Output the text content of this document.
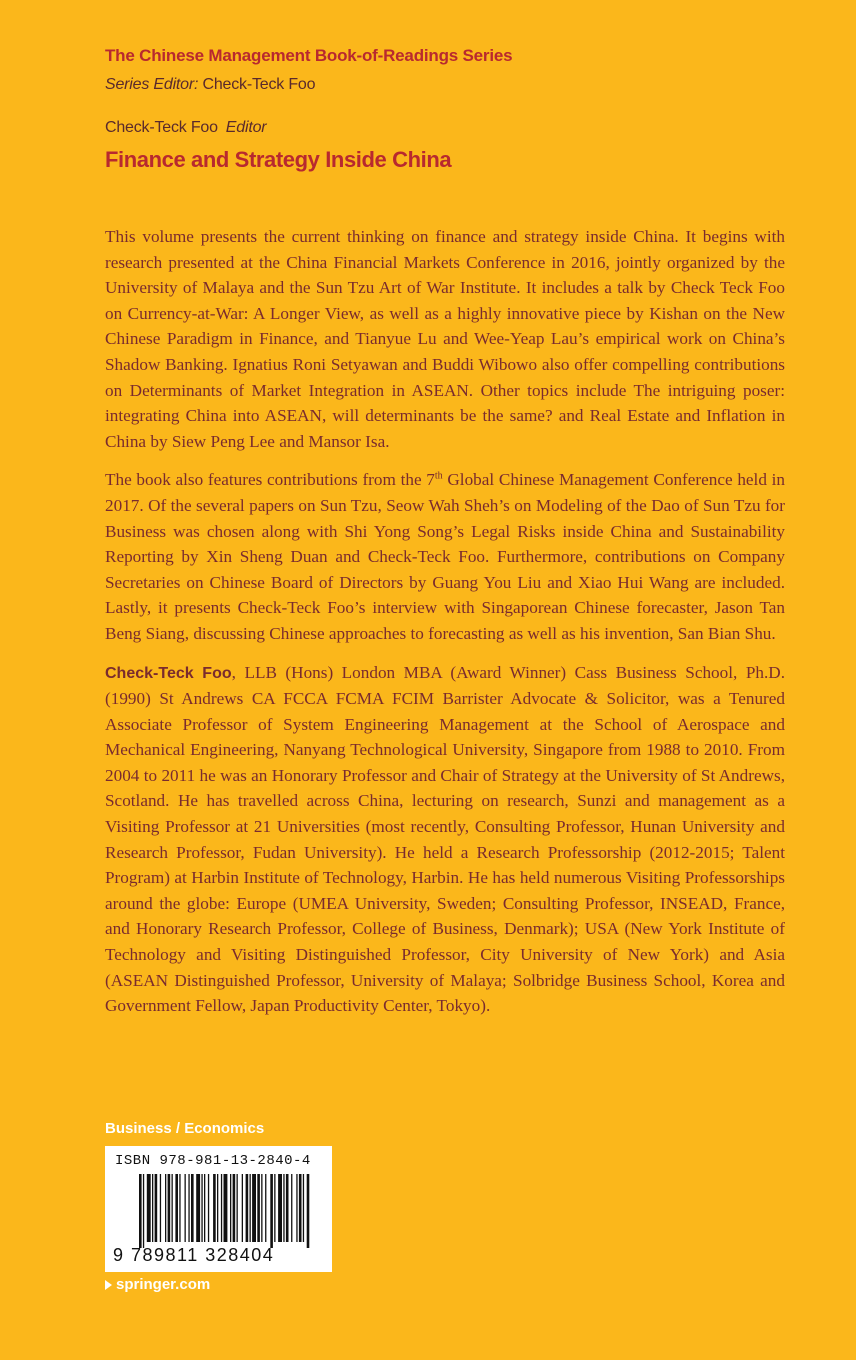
The Chinese Management Book-of-Readings Series
Series Editor: Check-Teck Foo
Check-Teck Foo Editor
Finance and Strategy Inside China

This volume presents the current thinking on finance and strategy inside China. It begins with research presented at the China Financial Markets Conference in 2016, jointly organized by the University of Malaya and the Sun Tzu Art of War Institute. It includes a talk by Check Teck Foo on Currency-at-War: A Longer View, as well as a highly innovative piece by Kishan on the New Chinese Paradigm in Finance, and Tianyue Lu and Wee-Yeap Lau’s empirical work on China’s Shadow Banking. Ignatius Roni Setyawan and Buddi Wibowo also offer compelling contributions on Determinants of Market Integration in ASEAN. Other topics include The intriguing poser: integrating China into ASEAN, will determinants be the same? and Real Estate and Inflation in China by Siew Peng Lee and Mansor Isa.

The book also features contributions from the 7th Global Chinese Management Conference held in 2017. Of the several papers on Sun Tzu, Seow Wah Sheh’s on Modeling of the Dao of Sun Tzu for Business was chosen along with Shi Yong Song’s Legal Risks inside China and Sustainability Reporting by Xin Sheng Duan and Check-Teck Foo. Furthermore, contributions on Company Secretaries on Chinese Board of Directors by Guang You Liu and Xiao Hui Wang are included. Lastly, it presents Check-Teck Foo’s interview with Singaporean Chinese forecaster, Jason Tan Beng Siang, discussing Chinese approaches to forecasting as well as his invention, San Bian Shu.

Check-Teck Foo, LLB (Hons) London MBA (Award Winner) Cass Business School, Ph.D. (1990) St Andrews CA FCCA FCMA FCIM Barrister Advocate & Solicitor, was a Tenured Associate Professor of System Engineering Management at the School of Aerospace and Mechanical Engineering, Nanyang Technological University, Singapore from 1988 to 2010. From 2004 to 2011 he was an Honorary Professor and Chair of Strategy at the University of St Andrews, Scotland. He has travelled across China, lecturing on research, Sunzi and management as a Visiting Professor at 21 Universities (most recently, Consulting Professor, Hunan University and Research Professor, Fudan University). He held a Research Professorship (2012-2015; Talent Program) at Harbin Institute of Technology, Harbin. He has held numerous Visiting Professorships around the globe: Europe (UMEA University, Sweden; Consulting Professor, INSEAD, France, and Honorary Research Professor, College of Business, Denmark); USA (New York Institute of Technology and Visiting Distinguished Professor, City University of New York) and Asia (ASEAN Distinguished Professor, University of Malaya; Solbridge Business School, Korea and Government Fellow, Japan Productivity Center, Tokyo).

Business / Economics
ISBN 978-981-13-2840-4
9 789811 328404
springer.com
